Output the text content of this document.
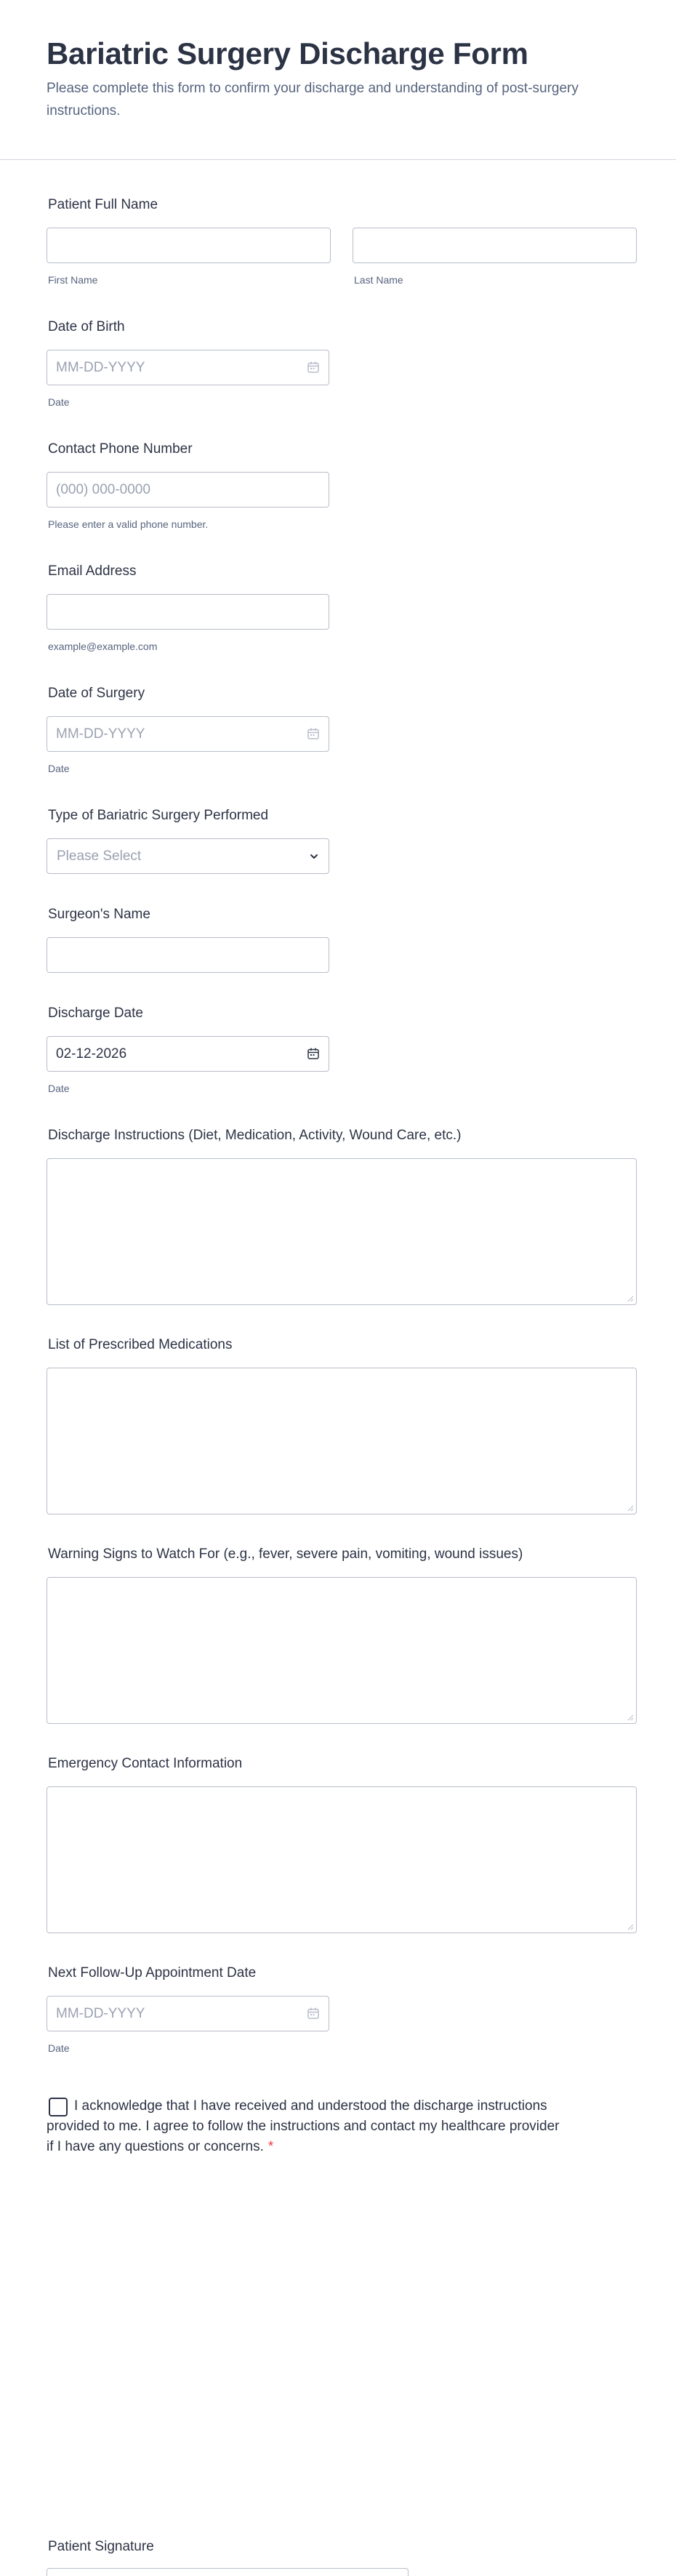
Bariatric Surgery Discharge Form

Please complete this form to confirm your discharge and understanding of post-surgery instructions.

Patient Full Name
First Name	Last Name
Date of Birth
MM-DD-YYYY
Date
Contact Phone Number
(000) 000-0000
Please enter a valid phone number.
Email Address
example@example.com
Date of Surgery
MM-DD-YYYY
Date
Type of Bariatric Surgery Performed
Please Select
Surgeon's Name
Discharge Date
02-12-2026
Date
Discharge Instructions (Diet, Medication, Activity, Wound Care, etc.)
List of Prescribed Medications
Warning Signs to Watch For (e.g., fever, severe pain, vomiting, wound issues)
Emergency Contact Information
Next Follow-Up Appointment Date
MM-DD-YYYY
Date

I acknowledge that I have received and understood the discharge instructions provided to me. I agree to follow the instructions and contact my healthcare provider if I have any questions or concerns. *

Patient Signature
